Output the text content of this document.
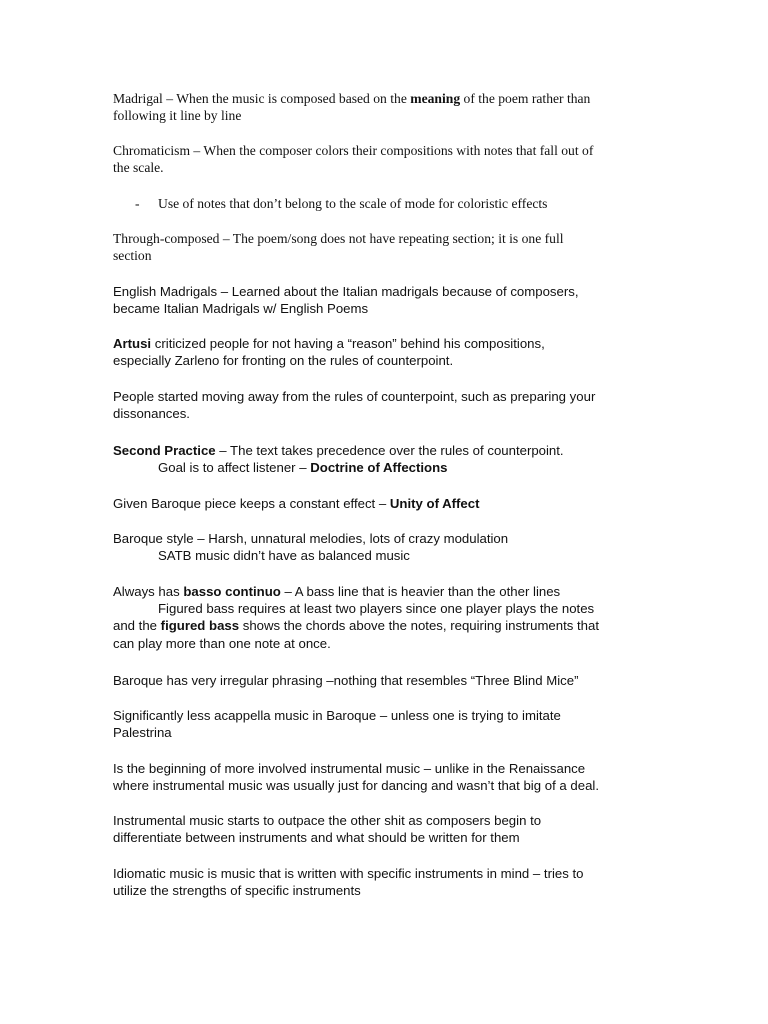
Madrigal – When the music is composed based on the meaning of the poem rather than
following it line by line
Chromaticism – When the composer colors their compositions with notes that fall out of
the scale.
- Use of notes that don’t belong to the scale of mode for coloristic effects
Through-composed – The poem/song does not have repeating section; it is one full
section
English Madrigals – Learned about the Italian madrigals because of composers,
became Italian Madrigals w/ English Poems
Artusi criticized people for not having a “reason” behind his compositions,
especially Zarleno for fronting on the rules of counterpoint.
People started moving away from the rules of counterpoint, such as preparing your
dissonances.
Second Practice – The text takes precedence over the rules of counterpoint.
Goal is to affect listener – Doctrine of Affections
Given Baroque piece keeps a constant effect – Unity of Affect
Baroque style – Harsh, unnatural melodies, lots of crazy modulation
SATB music didn’t have as balanced music
Always has basso continuo – A bass line that is heavier than the other lines
Figured bass requires at least two players since one player plays the notes
and the figured bass shows the chords above the notes, requiring instruments that
can play more than one note at once.
Baroque has very irregular phrasing –nothing that resembles “Three Blind Mice”
Significantly less acappella music in Baroque – unless one is trying to imitate
Palestrina
Is the beginning of more involved instrumental music – unlike in the Renaissance
where instrumental music was usually just for dancing and wasn’t that big of a deal.
Instrumental music starts to outpace the other shit as composers begin to
differentiate between instruments and what should be written for them
Idiomatic music is music that is written with specific instruments in mind – tries to
utilize the strengths of specific instruments
